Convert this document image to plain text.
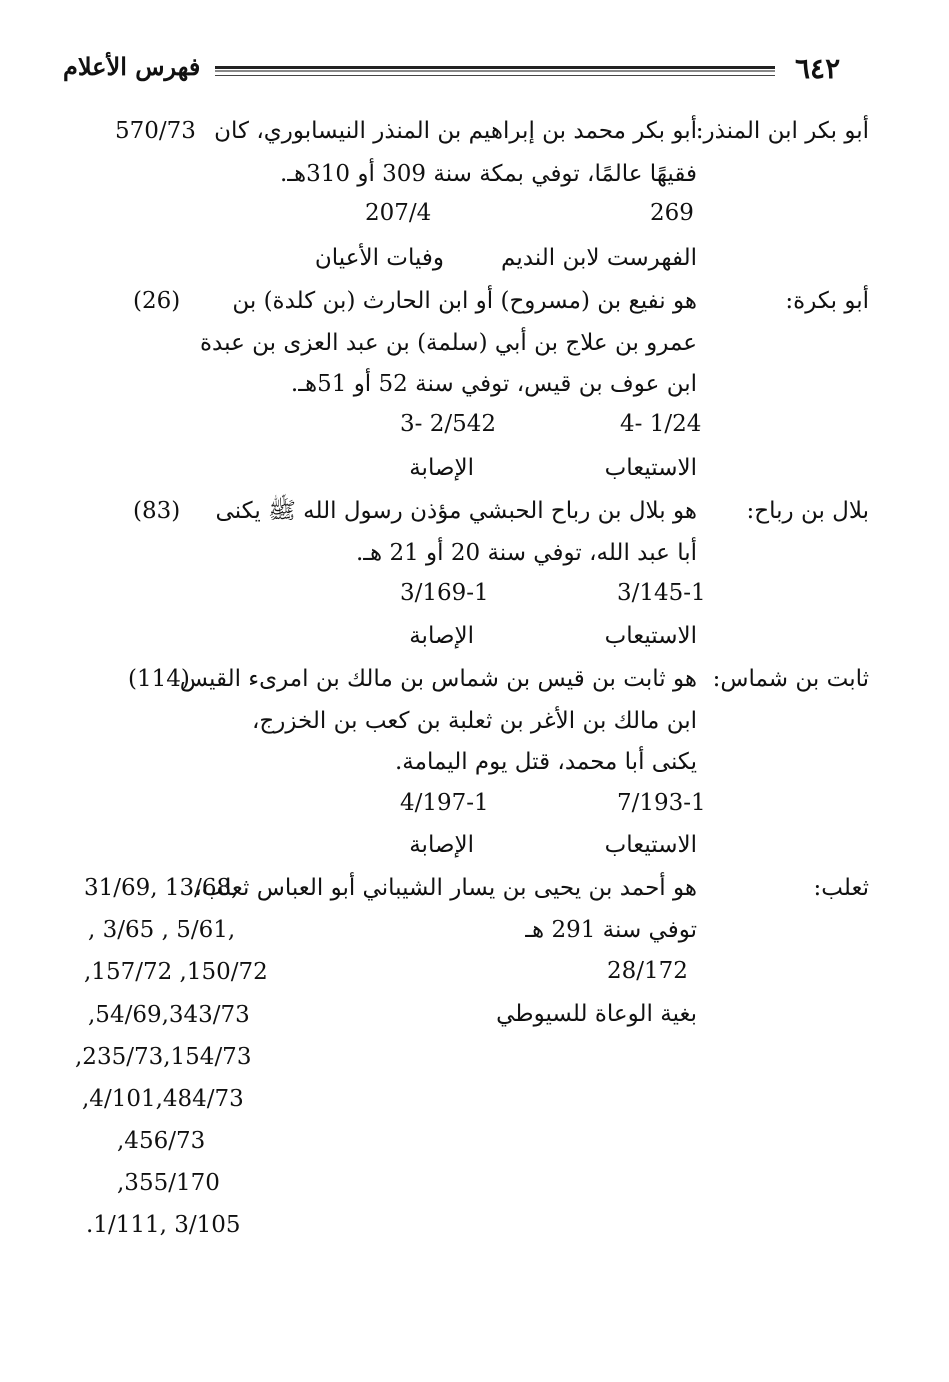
٦٤٢
فهرس الأعلام
أبو بكر ابن المنذر:
570/73 أبو بكر محمد بن إبراهيم بن المنذر النيسابوري، كان
فقيهًا عالمًا، توفي بمكة سنة 309 أو 310هـ.
269
207/4
الفهرست لابن النديم
وفيات الأعيان
أبو بكرة:
(26) هو نفيع بن (مسروح) أو ابن الحارث (بن كلدة) بن
عمرو بن علاج بن أبي (سلمة) بن عبد العزى بن عبدة
ابن عوف بن قيس، توفي سنة 52 أو 51هـ.
4- 1/24
3- 2/542
الاستيعاب
الإصابة
بلال بن رباح:
(83) هو بلال بن رباح الحبشي مؤذن رسول الله ﷺ يكنى
أبا عبد الله، توفي سنة 20 أو 21 هـ.
3/145-1
3/169-1
الاستيعاب
الإصابة
ثابت بن شماس:
(114)
هو ثابت بن قيس بن شماس بن مالك بن امرىء القيس
ابن مالك بن الأغر بن ثعلبة بن كعب بن الخزرج،
يكنى أبا محمد، قتل يوم اليمامة.
7/193-1
4/197-1
الاستيعاب
الإصابة
ثعلب:
هو أحمد بن يحيى بن يسار الشيباني أبو العباس ثعلب،
توفي سنة 291 هـ
28/172
بغية الوعاة للسيوطي
31/69, 13/68,
, 3/65 , 5/61,
,157/72 ,150/72
,54/69,343/73
,235/73,154/73
,4/101,484/73
,456/73
,355/170
.1/111, 3/105
